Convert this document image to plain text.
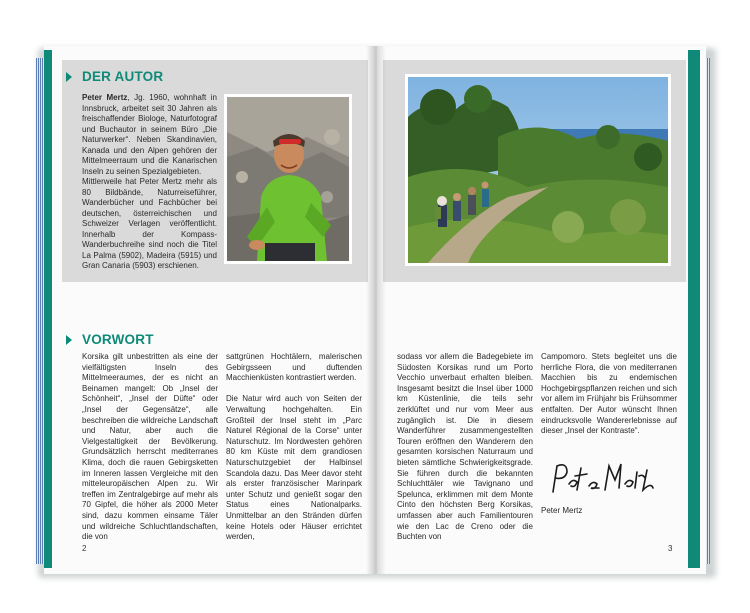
DER AUTOR

Peter Mertz, Jg. 1960, wohnhaft in Innsbruck, arbeitet seit 30 Jahren als freischaffender Biologe, Naturfotograf und Buchautor in seinem Büro „Die Naturwerker“. Neben Skandinavien, Kanada und den Alpen gehören der Mittelmeerraum und die Kanarischen Inseln zu seinen Spezialgebieten.

Mittlerweile hat Peter Mertz mehr als 80 Bildbände, Naturreiseführer, Wanderbücher und Fachbücher bei deutschen, österreichischen und Schweizer Verlagen veröffentlicht. Innerhalb der Kompass-Wanderbuchreihe sind noch die Titel La Palma (5902), Madeira (5915) und Gran Canaria (5903) erschienen.

VORWORT
Korsika gilt unbestritten als eine der vielfältigsten Inseln des Mittelmeeraumes, der es nicht an Beinamen mangelt: Ob „Insel der Schönheit“, „Insel der Düfte“ oder „Insel der Gegensätze“, alle beschreiben die wildreiche Landschaft und Natur, aber auch die Vielgestaltigkeit der Bevölkerung. Grundsätzlich herrscht mediterranes Klima, doch die rauen Gebirgsketten im Inneren lassen Vergleiche mit den mitteleuropäischen Alpen zu. Wir treffen im Zentralgebirge auf mehr als 70 Gipfel, die höher als 2000 Meter sind, dazu kommen einsame Täler und wildreiche Schluchtlandschaften, die von

sattgrünen Hochtälern, malerischen Gebirgsseen und duftenden Macchienküsten kontrastiert werden.

Die Natur wird auch von Seiten der Verwaltung hochgehalten. Ein Großteil der Insel steht im „Parc Naturel Régional de la Corse“ unter Naturschutz. Im Nordwesten gehören 80 km Küste mit dem grandiosen Naturschutzgebiet der Halbinsel Scandola dazu. Das Meer davor steht als erster französischer Marinpark unter Schutz und genießt sogar den Status eines Nationalparks. Unmittelbar an den Stränden dürfen keine Hotels oder Häuser errichtet werden,

sodass vor allem die Badegebiete im Südosten Korsikas rund um Porto Vecchio unverbaut erhalten bleiben. Insgesamt besitzt die Insel über 1000 km Küstenlinie, die teils sehr zerklüftet und nur vom Meer aus zugänglich ist. Die in diesem Wanderführer zusammengestellten Touren eröffnen den Wanderern den gesamten korsischen Naturraum und bieten sämtliche Schwierigkeitsgrade. Sie führen durch die bekannten Schluchttäler wie Tavignano und Spelunca, erklimmen mit dem Monte Cinto den höchsten Berg Korsikas, umfassen aber auch Familientouren wie den Lac de Creno oder die Buchten von
Campomoro. Stets begleitet uns die herrliche Flora, die von mediterranen Macchien bis zu endemischen Hochgebirgspflanzen reichen und sich vor allem im Frühjahr bis Frühsommer entfalten. Der Autor wünscht Ihnen eindrucksvolle Wandererlebnisse auf dieser „Insel der Kontraste“.
Peter Mertz
2	3
